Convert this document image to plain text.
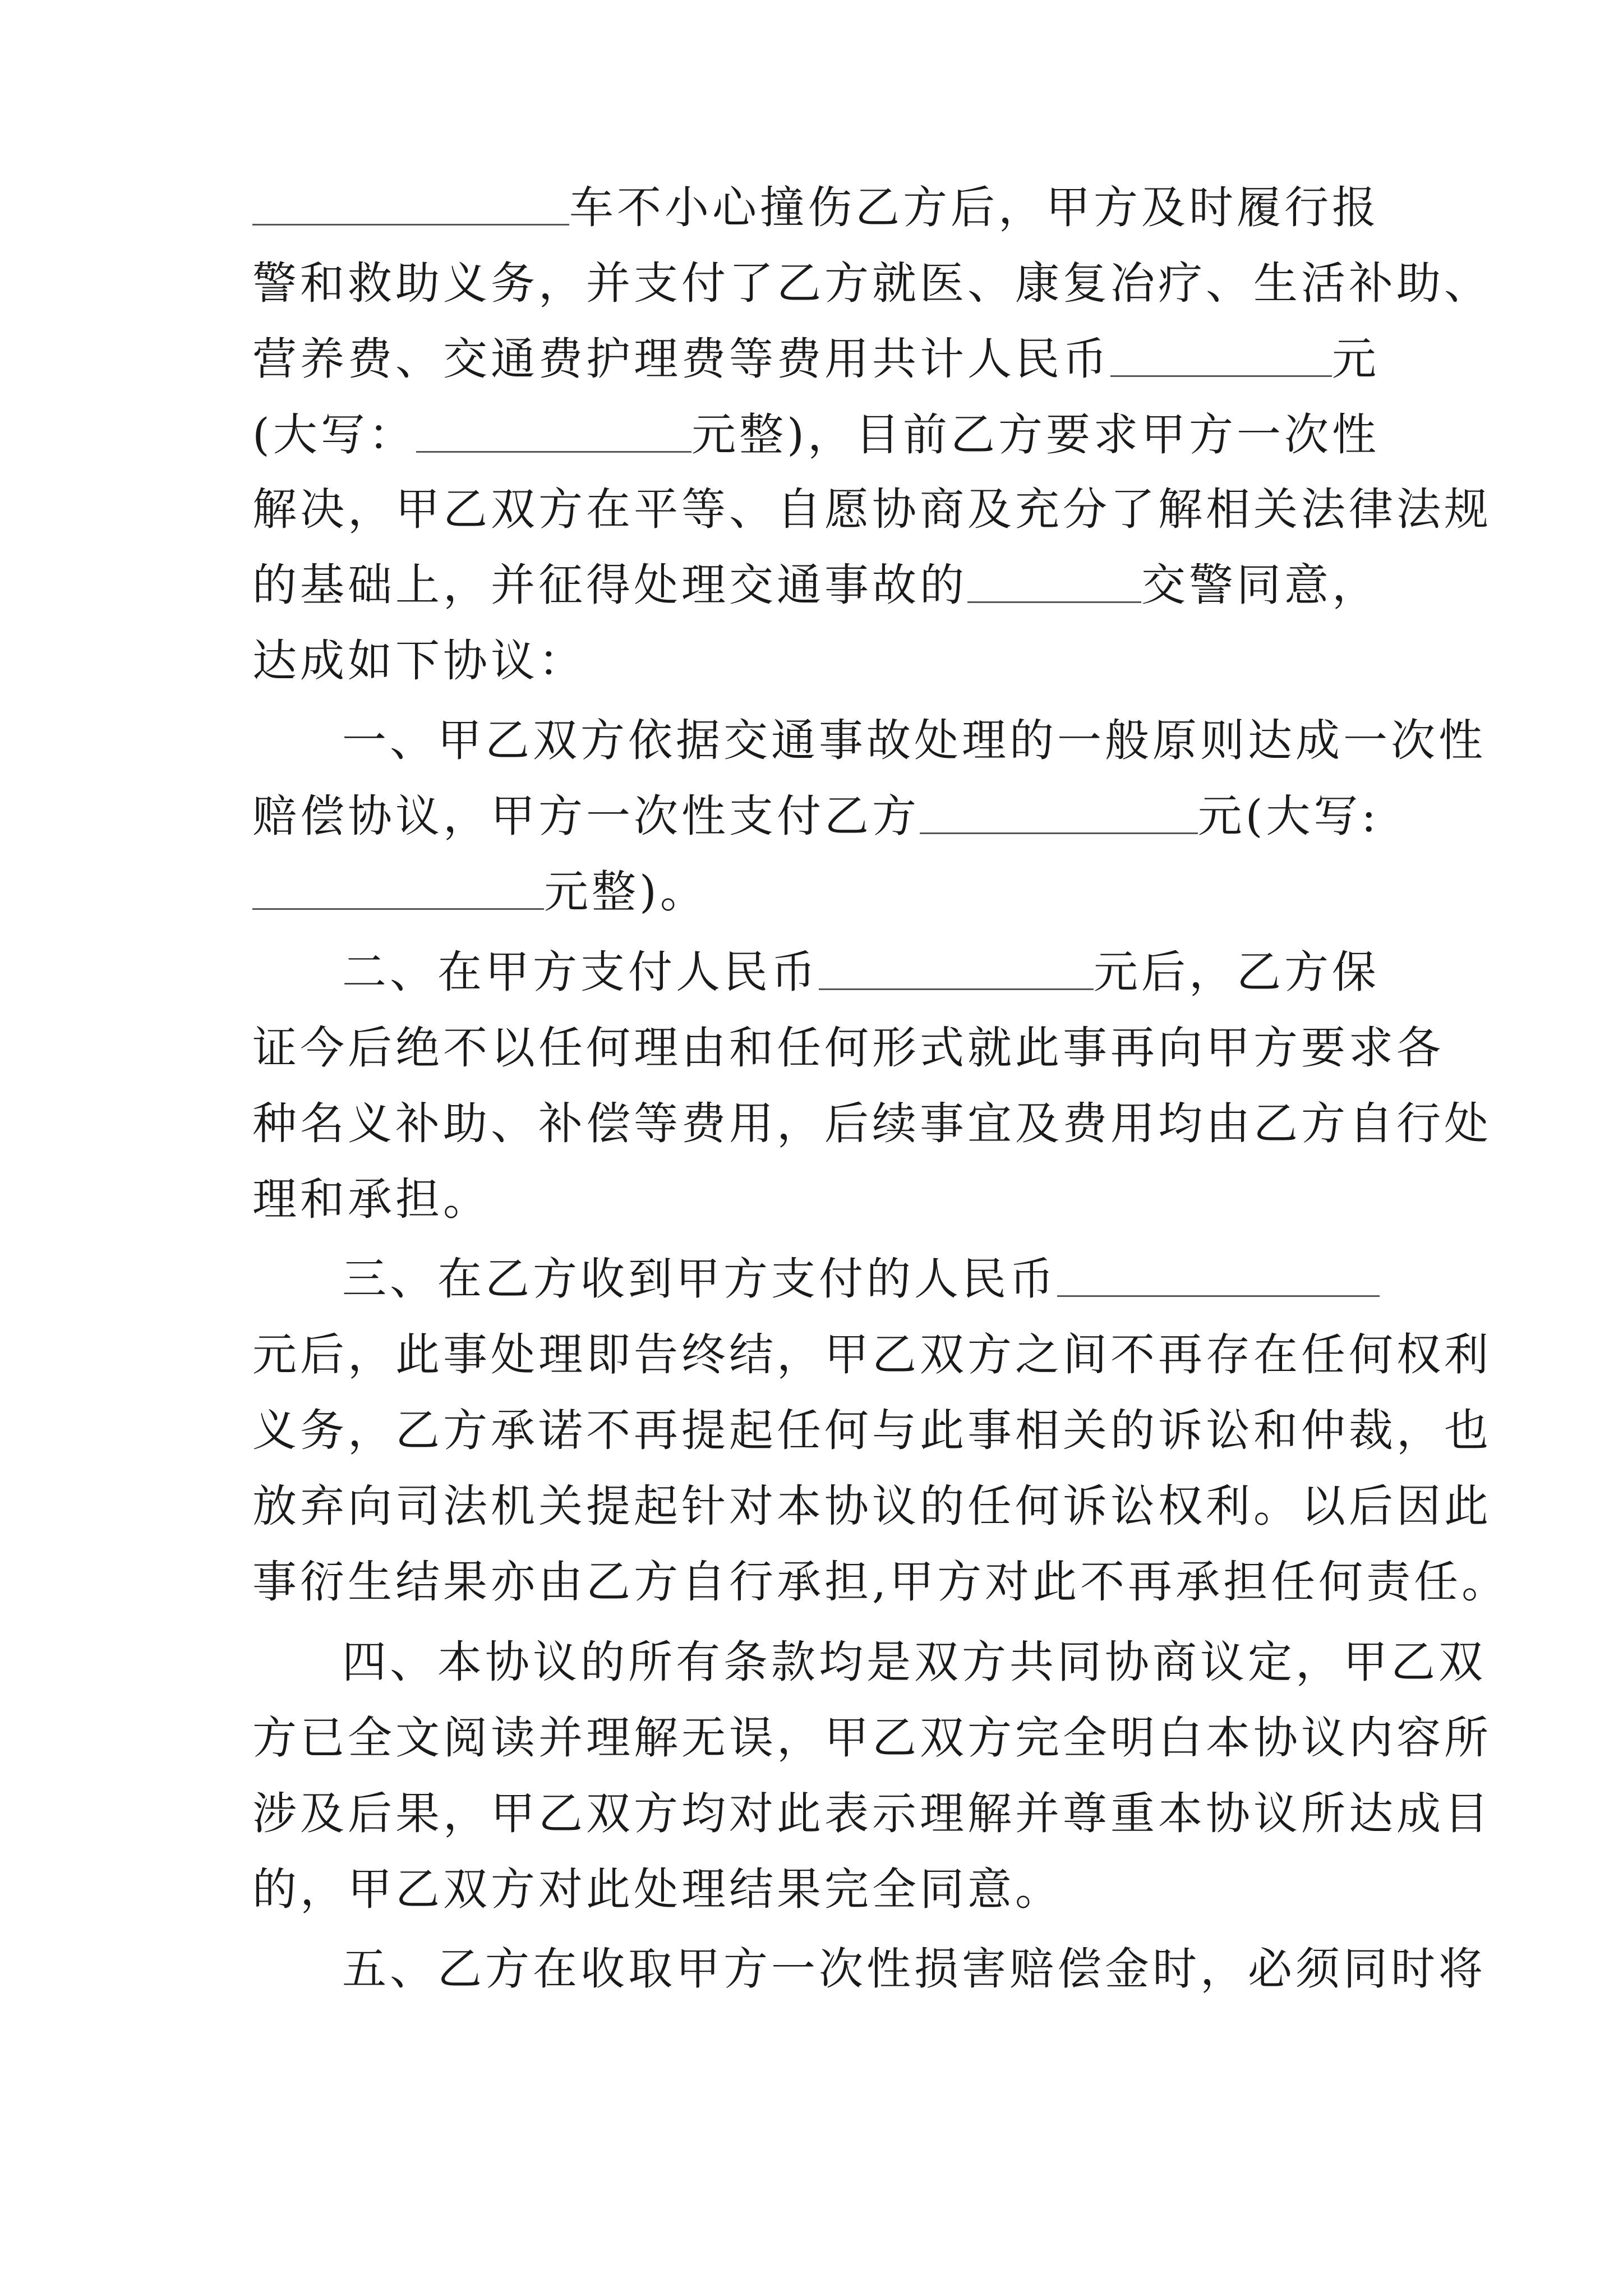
车不小心撞伤乙方后，甲方及时履行报
警 和 救 助 义 务 ， 并 支 付 了 乙 方 就 医 、 康 复 冶 疗 、 生 活 补 助 、
营养费、交通费护理费等费用共计人民币	元
(大写：	元整)，目前乙方要求甲方一次性
解 决 ， 甲 乙 双 方 在 平 等 、 自 愿 协 商 及 充 分 了 解 相 关 法 律 法 规
的基础上，并征得处理交通事故的	交警同意，
达成如下协议：
一 、 甲 乙 双 方 依 据 交 通 事 故 处 理 的 一 般 原 则 达 成 一 次 性
赔偿协议，甲方一次性支付乙方	元(大写:
元整)。
二、在甲方支付人民币	元后，乙方保
证 今 后 绝 不 以 任 何 理 由 和 任 何 形 式 就 此 事 再 向 甲 方 要 求 各
种 名 义 补 助 、 补 偿 等 费 用 ， 后 续 事 宜 及 费 用 均 由 乙 方 自 行 处
理和承担。
三、在乙方收到甲方支付的人民币
元 后 ， 此 事 处 理 即 告 终 结 ， 甲 乙 双 方 之 间 不 再 存 在 任 何 权 利
义 务 ， 乙 方 承 诺 不 再 提 起 任 何 与 此 事 相 关 的 诉 讼 和 仲 裁 ， 也
放 弃 向 司 法 机 关 提 起 针 对 本 协 议 的 任 何 诉 讼 权 利 。 以 后 因 此
事 衍 生 结 果 亦 由 乙 方 自 行 承 担 , 甲 方 对 此 不 再 承 担 任 何 责 任 。
四 、 本 协 议 的 所 有 条 款 均 是 双 方 共 同 协 商 议 定 ， 甲 乙 双
方 已 全 文 阅 读 并 理 解 无 误 ， 甲 乙 双 方 完 全 明 白 本 协 议 内 容 所
涉 及 后 果 ， 甲 乙 双 方 均 对 此 表 示 理 解 并 尊 重 本 协 议 所 达 成 目
的，甲乙双方对此处理结果完全同意。
五 、 乙 方 在 收 取 甲 方 一 次 性 损 害 赔 偿 金 时 ， 必 须 同 时 将
